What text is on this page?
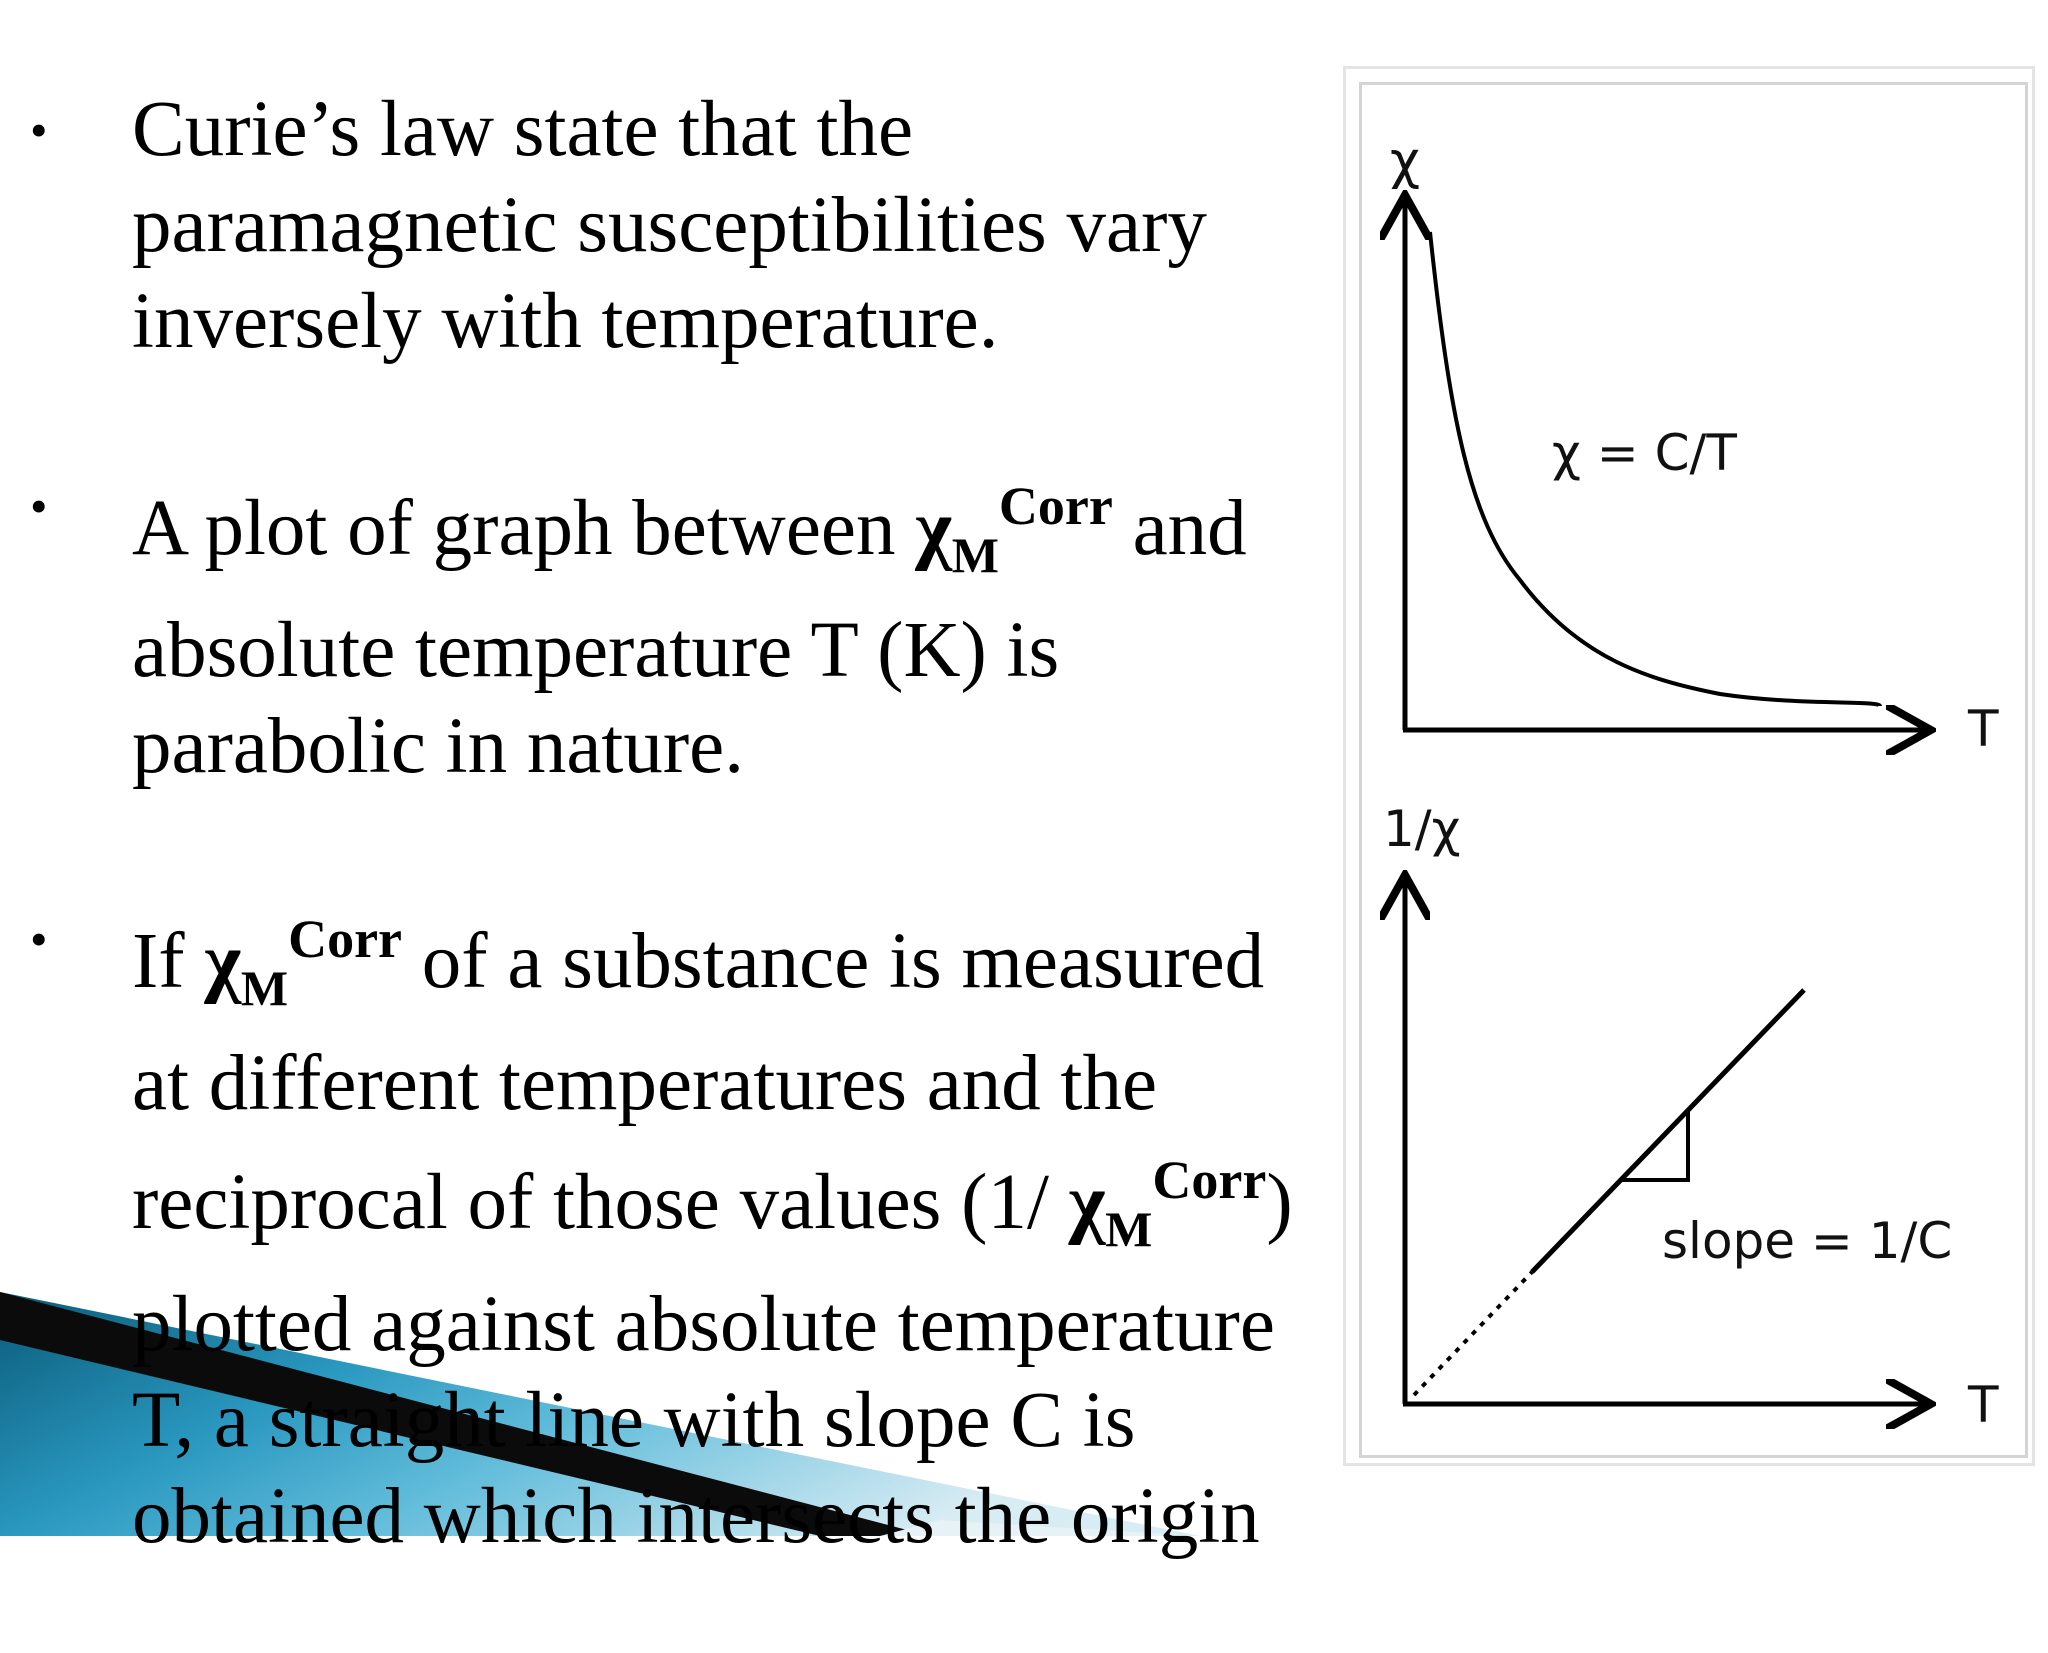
• Curie’s law state that the
paramagnetic susceptibilities vary
inversely with temperature.
• A plot of graph between $\chi_M^{Corr}$ and
absolute temperature T (K) is
parabolic in nature.
• If $\chi_M^{Corr}$ of a substance is measured
at different temperatures and the
reciprocal of those values (1/ $\chi_M^{Corr}$)
plotted against absolute temperature
T, a straight line with slope C is
obtained which intersects the origin
χ
T
χ = C/T
1/χ
T
slope = 1/C
